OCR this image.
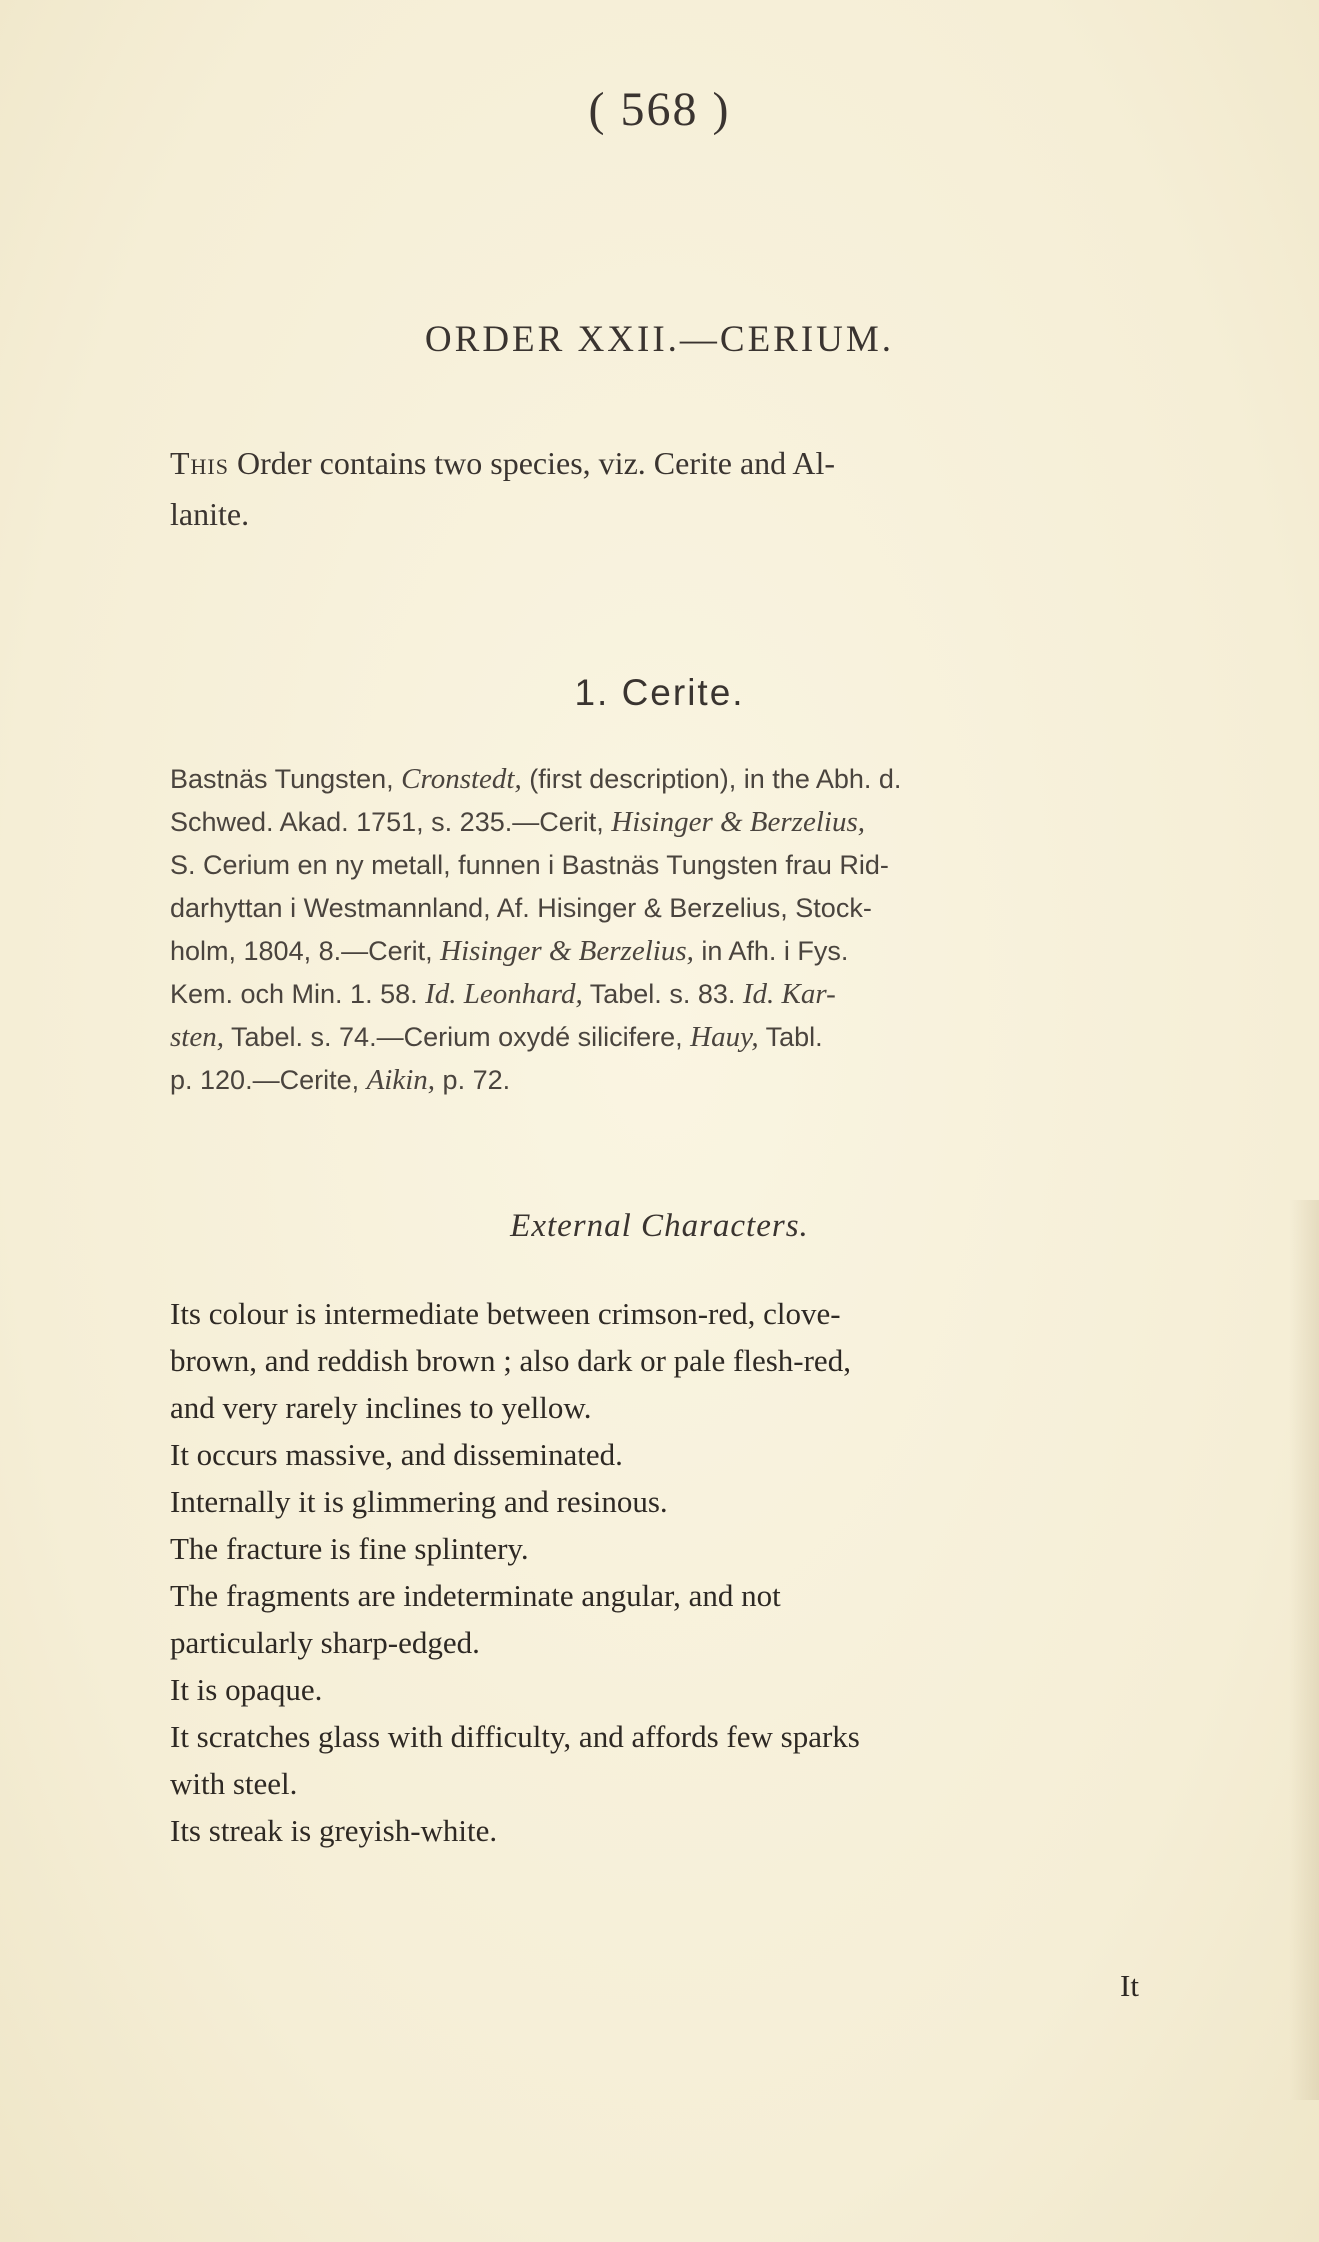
( 568 )
ORDER XXII.—CERIUM.
This Order contains two species, viz. Cerite and Al-
lanite.
1. Cerite.
Bastnäs Tungsten, Cronstedt, (first description), in the Abh. d.
Schwed. Akad. 1751, s. 235.—Cerit, Hisinger & Berzelius,
S. Cerium en ny metall, funnen i Bastnäs Tungsten frau Rid-
darhyttan i Westmannland, Af. Hisinger & Berzelius, Stock-
holm, 1804, 8.—Cerit, Hisinger & Berzelius, in Afh. i Fys.
Kem. och Min. 1. 58. Id. Leonhard, Tabel. s. 83. Id. Kar-
sten, Tabel. s. 74.—Cerium oxydé silicifere, Hauy, Tabl.
p. 120.—Cerite, Aikin, p. 72.
External Characters.
Its colour is intermediate between crimson-red, clove-
brown, and reddish brown ; also dark or pale flesh-red,
and very rarely inclines to yellow.
It occurs massive, and disseminated.
Internally it is glimmering and resinous.
The fracture is fine splintery.
The fragments are indeterminate angular, and not
particularly sharp-edged.
It is opaque.
It scratches glass with difficulty, and affords few sparks
with steel.
Its streak is greyish-white.
It
